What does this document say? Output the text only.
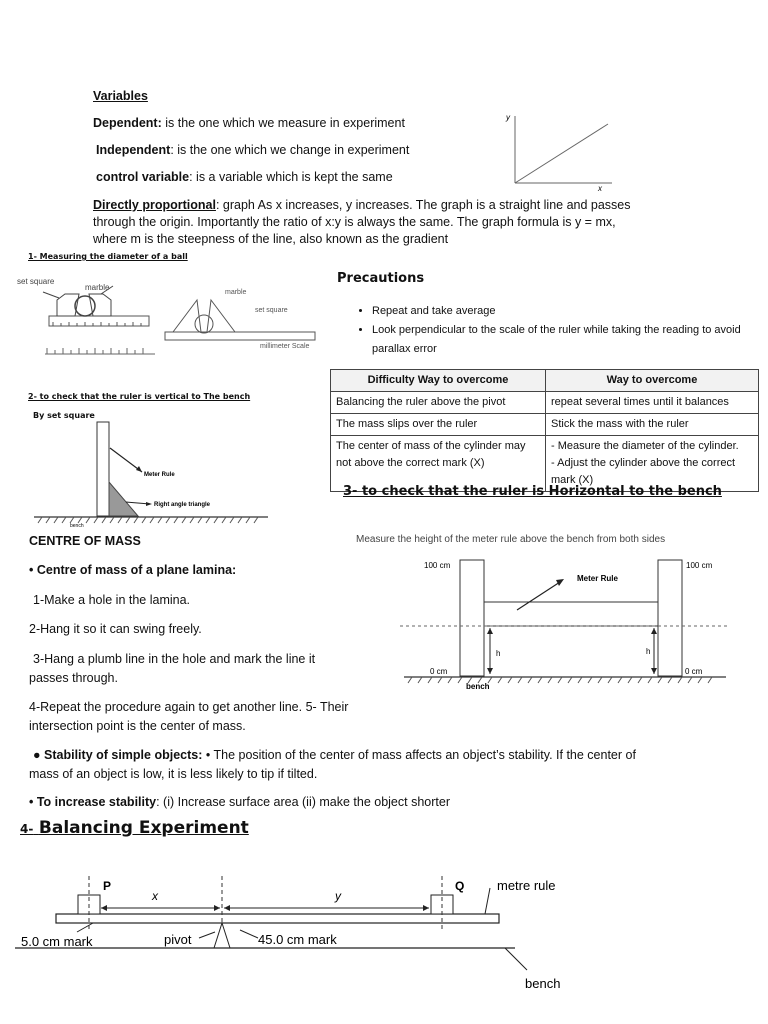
Variables
Dependent: is the one which we measure in experiment
Independent: is the one which we change in experiment
control variable: is a variable which is kept the same
Directly proportional: graph As x increases, y increases. The graph is a straight line and passes through the origin. Importantly the ratio of x:y is always the same. The graph formula is y = mx, where m is the steepness of the line, also known as the gradient
y
x
1- Measuring the diameter of a ball
set square
marble
marble
set square
millimeter Scale
2- to check that the ruler is vertical to The bench
By set square
Meter Rule
Right angle triangle
bench
Precautions
• Repeat and take average
• Look perpendicular to the scale of the ruler while taking the reading to avoid parallax error
Difficulty Way to overcome	Way to overcome
Balancing the ruler above the pivot	repeat several times until it balances
The mass slips over the ruler	Stick the mass with the ruler
The center of mass of the cylinder may not above the correct mark (X)	- Measure the diameter of the cylinder.
- Adjust the cylinder above the correct mark (X)
3- to check that the ruler is Horizontal to the bench
Measure the height of the meter rule above the bench from both sides
Meter Rule
100 cm	100 cm
0 cm	0 cm
h	h
bench
CENTRE OF MASS
• Centre of mass of a plane lamina:
1-Make a hole in the lamina.
2-Hang it so it can swing freely.
3-Hang a plumb line in the hole and mark the line it passes through.
4-Repeat the procedure again to get another line. 5- Their intersection point is the center of mass.
● Stability of simple objects: • The position of the center of mass affects an object’s stability. If the center of mass of an object is low, it is less likely to tip if tilted.
• To increase stability: (i) Increase surface area (ii) make the object shorter
4- Balancing Experiment
P	Q
x	y
metre rule
5.0 cm mark	pivot	45.0 cm mark
bench
